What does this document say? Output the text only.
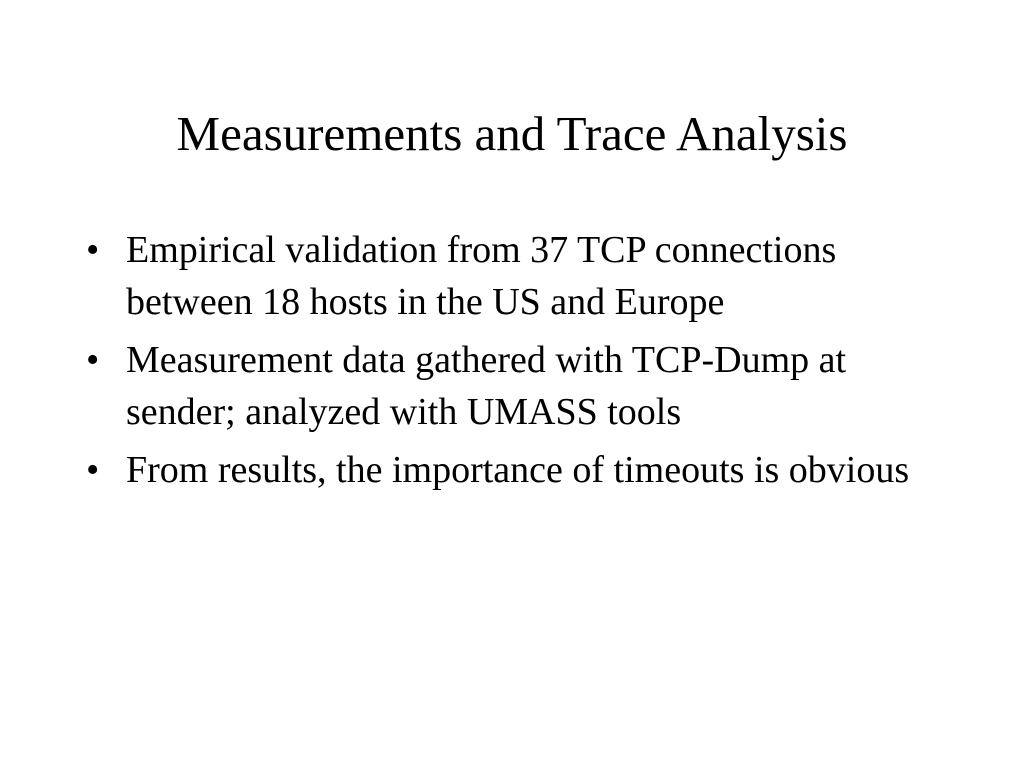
Measurements and Trace Analysis
• Empirical validation from 37 TCP connections between 18 hosts in the US and Europe
• Measurement data gathered with TCP-Dump at sender; analyzed with UMASS tools
• From results, the importance of timeouts is obvious
